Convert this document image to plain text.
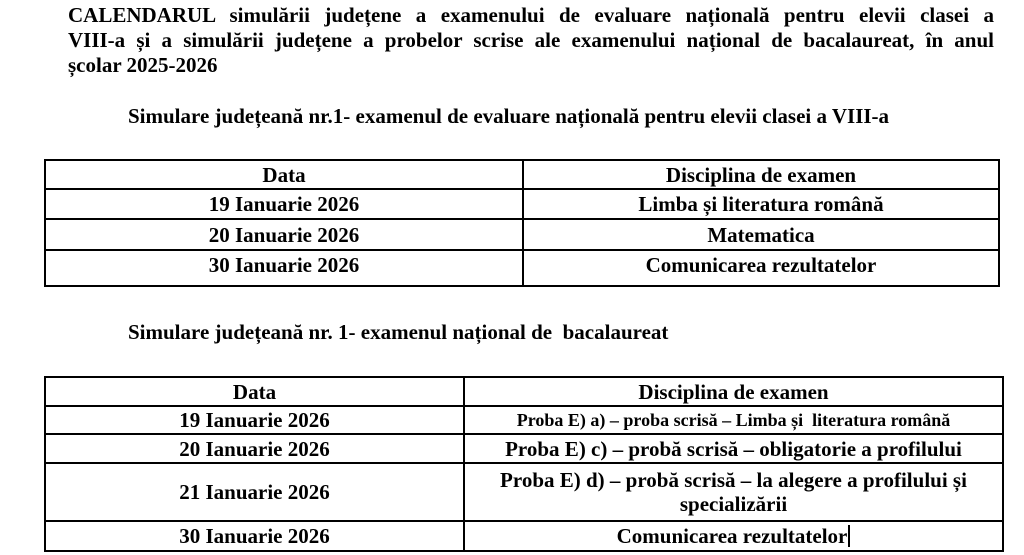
CALENDARUL simulării județene a examenului de evaluare națională pentru elevii clasei a
VIII-a și a simulării județene a probelor scrise ale examenului național de bacalaureat, în anul
școlar 2025-2026
Simulare județeană nr.1- examenul de evaluare națională pentru elevii clasei a VIII-a
Data	Disciplina de examen
19 Ianuarie 2026	Limba și literatura română
20 Ianuarie 2026	Matematica
30 Ianuarie 2026	Comunicarea rezultatelor
Simulare județeană nr. 1- examenul național de  bacalaureat
Data	Disciplina de examen
19 Ianuarie 2026	Proba E) a) – proba scrisă – Limba și  literatura română
20 Ianuarie 2026	Proba E) c) – probă scrisă – obligatorie a profilului
21 Ianuarie 2026	Proba E) d) – probă scrisă – la alegere a profilului și specializării
30 Ianuarie 2026	Comunicarea rezultatelor
